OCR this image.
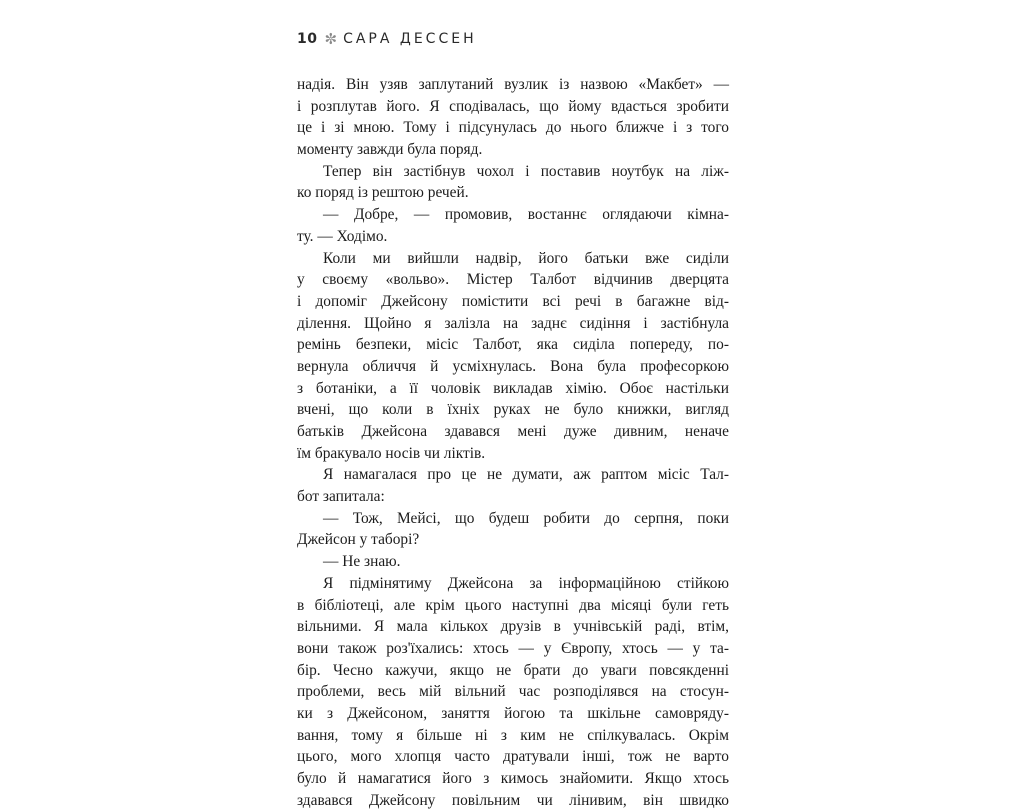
10 ✼ САРА ДЕССЕН
надія. Він узяв заплутаний вузлик із назвою «Макбет» —
і розплутав його. Я сподівалась, що йому вдасться зробити
це і зі мною. Тому і підсунулась до нього ближче і з того
моменту завжди була поряд.
Тепер він застібнув чохол і поставив ноутбук на ліж-
ко поряд із рештою речей.
— Добре, — промовив, востаннє оглядаючи кімна-
ту. — Ходімо.
Коли ми вийшли надвір, його батьки вже сиділи
у своєму «вольво». Містер Талбот відчинив дверцята
і допоміг Джейсону помістити всі речі в багажне від-
ділення. Щойно я залізла на заднє сидіння і застібнула
ремінь безпеки, місіс Талбот, яка сиділа попереду, по-
вернула обличчя й усміхнулась. Вона була професоркою
з ботаніки, а її чоловік викладав хімію. Обоє настільки
вчені, що коли в їхніх руках не було книжки, вигляд
батьків Джейсона здавався мені дуже дивним, неначе
їм бракувало носів чи ліктів.
Я намагалася про це не думати, аж раптом місіс Тал-
бот запитала:
— Тож, Мейсі, що будеш робити до серпня, поки
Джейсон у таборі?
— Не знаю.
Я підмінятиму Джейсона за інформаційною стійкою
в бібліотеці, але крім цього наступні два місяці були геть
вільними. Я мала кількох друзів в учнівській раді, втім,
вони також роз'їхались: хтось — у Європу, хтось — у та-
бір. Чесно кажучи, якщо не брати до уваги повсякденні
проблеми, весь мій вільний час розподілявся на стосун-
ки з Джейсоном, заняття йогою та шкільне самовряду-
вання, тому я більше ні з ким не спілкувалась. Окрім
цього, мого хлопця часто дратували інші, тож не варто
було й намагатися його з кимось знайомити. Якщо хтось
здавався Джейсону повільним чи лінивим, він швидко
